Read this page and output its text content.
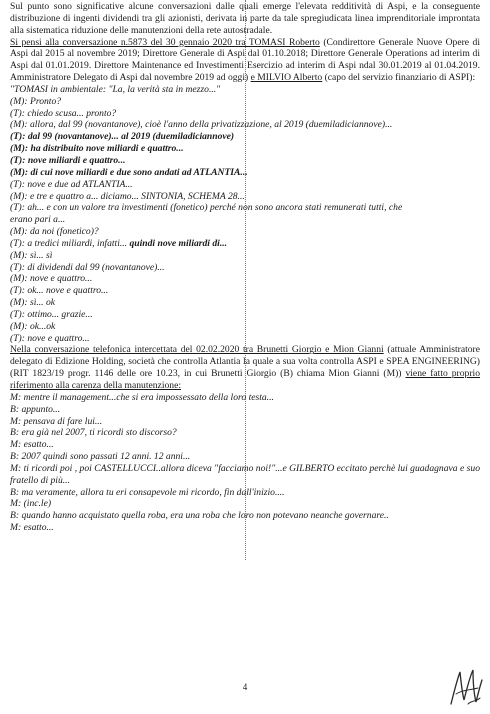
Sul punto sono significative alcune conversazioni dalle quali emerge l'elevata redditività di Aspi, e la conseguente distribuzione di ingenti dividendi tra gli azionisti, derivata in parte da tale spregiudicata linea imprenditoriale improntata alla sistematica riduzione delle manutenzioni della rete autostradale.

Si pensi alla conversazione n.5873 del 30 gennaio 2020 tra TOMASI Roberto (Condirettore Generale Nuove Opere di Aspi dal 2015 al novembre 2019; Direttore Generale di Aspi dal 01.10.2018; Direttore Generale Operations ad interim di Aspi dal 01.01.2019. Direttore Maintenance ed Investimenti Esercizio ad interim di Aspi ndal 30.01.2019 al 01.04.2019. Amministratore Delegato di Aspi dal novembre 2019 ad oggi) e MILVIO Alberto (capo del servizio finanziario di ASPI):

"TOMASI in ambientale: "La, la verità sta in mezzo..."

(M): Pronto?

(T): chiedo scusa... pronto?

(M): allora, dal 99 (novantanove), cioè l'anno della privatizzazione, al 2019 (duemiladiciannove)...

(T): dal 99 (novantanove)... al 2019 (duemiladiciannove)

(M): ha distribuito nove miliardi e quattro...

(T): nove miliardi e quattro...

(M): di cui nove miliardi e due sono andati ad ATLANTIA...

(T): nove e due ad ATLANTIA...

(M): e tre e quattro a... diciamo... SINTONIA, SCHEMA 28...

(T): ah... e con un valore tra investimenti (fonetico) perché non sono ancora stati remunerati tutti, che

erano pari a...

(M): da noi (fonetico)?

(T): a tredici miliardi, infatti... quindi nove miliardi di...

(M): sì... sì

(T): di dividendi dal 99 (novantanove)...

(M): nove e quattro...

(T): ok... nove e quattro...

(M): sì... ok

(T): ottimo... grazie...

(M): ok...ok

(T): nove e quattro...

Nella conversazione telefonica intercettata del 02.02.2020 tra Brunetti Giorgio e Mion Gianni (attuale Amministratore delegato di Edizione Holding, società che controlla Atlantia la quale a sua volta controlla ASPI e SPEA ENGINEERING) (RIT 1823/19 progr. 1146 delle ore 10.23, in cui Brunetti Giorgio (B) chiama Mion Gianni (M)) viene fatto proprio riferimento alla carenza della manutenzione:

M: mentre il management...che si era impossessato della loro testa...

B: appunto...

M: pensava di fare lui...

B: era già nel 2007, ti ricordi sto discorso?

M: esatto...

B: 2007 quindi sono passati 12 anni. 12 anni...

M: ti ricordi poi , poi CASTELLUCCI..allora diceva "facciamo noi!"...e GILBERTO eccitato perchè lui guadagnava e suo fratello di più...

B: ma veramente, allora tu eri consapevole mi ricordo, fin dall'inizio....

M: (inc.le)

B: quando hanno acquistato quella roba, era una roba che loro non potevano neanche governare..

M: esatto...

4
